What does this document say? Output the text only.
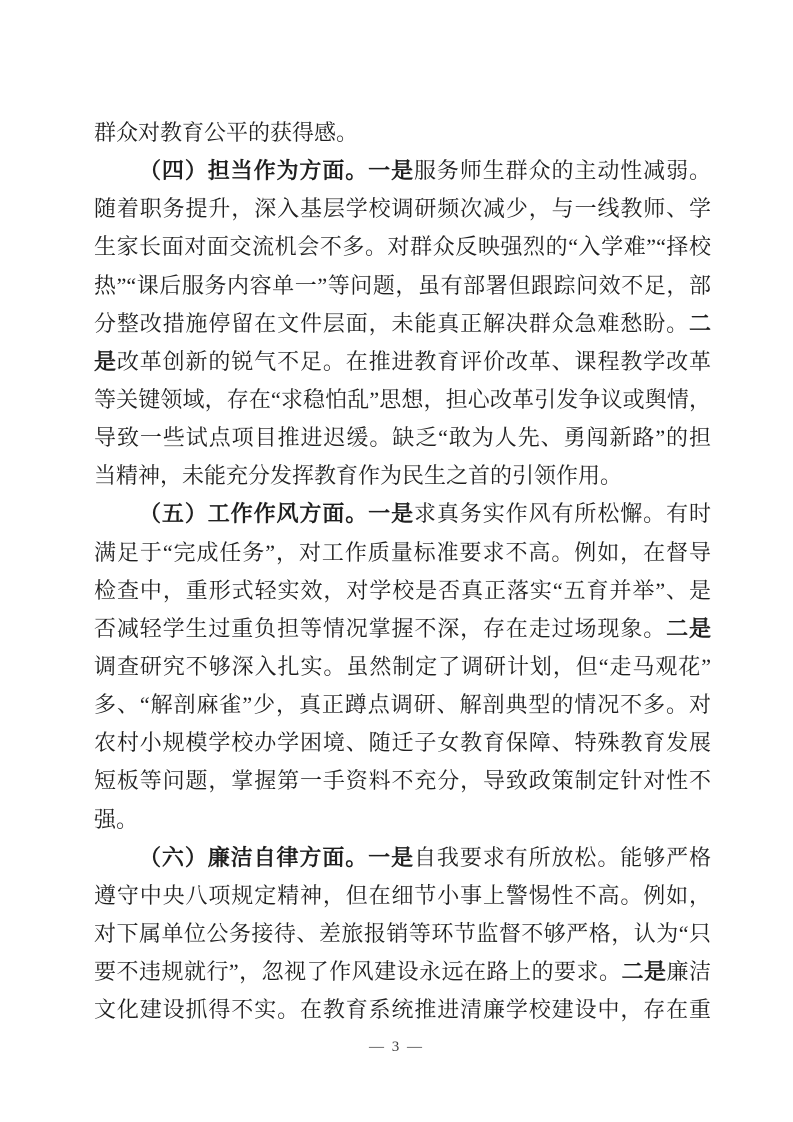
群众对教育公平的获得感。
（四）担当作为方面。一是服务师生群众的主动性减弱。
随着职务提升，深入基层学校调研频次减少，与一线教师、学
生家长面对面交流机会不多。对群众反映强烈的“入学难”“择校
热”“课后服务内容单一”等问题，虽有部署但跟踪问效不足，部
分整改措施停留在文件层面，未能真正解决群众急难愁盼。二
是改革创新的锐气不足。在推进教育评价改革、课程教学改革
等关键领域，存在“求稳怕乱”思想，担心改革引发争议或舆情，
导致一些试点项目推进迟缓。缺乏“敢为人先、勇闯新路”的担
当精神，未能充分发挥教育作为民生之首的引领作用。
（五）工作作风方面。一是求真务实作风有所松懈。有时
满足于“完成任务”，对工作质量标准要求不高。例如，在督导
检查中，重形式轻实效，对学校是否真正落实“五育并举”、是
否减轻学生过重负担等情况掌握不深，存在走过场现象。二是
调查研究不够深入扎实。虽然制定了调研计划，但“走马观花”
多、“解剖麻雀”少，真正蹲点调研、解剖典型的情况不多。对
农村小规模学校办学困境、随迁子女教育保障、特殊教育发展
短板等问题，掌握第一手资料不充分，导致政策制定针对性不
强。
（六）廉洁自律方面。一是自我要求有所放松。能够严格
遵守中央八项规定精神，但在细节小事上警惕性不高。例如，
对下属单位公务接待、差旅报销等环节监督不够严格，认为“只
要不违规就行”，忽视了作风建设永远在路上的要求。二是廉洁
文化建设抓得不实。在教育系统推进清廉学校建设中，存在重
— 3 —
